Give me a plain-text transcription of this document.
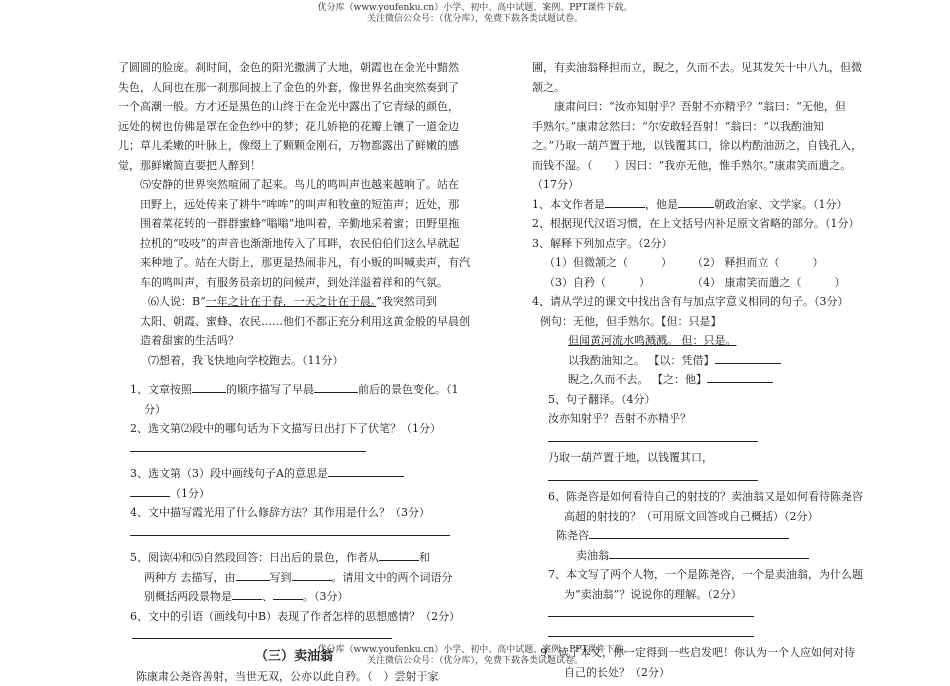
优分库（www.youfenku.cn）小学、初中、高中试题、案例、PPT课件下载。
关注微信公众号：（优分库），免费下载各类试题试卷。

了圆圆的脸庞。刹时间，金色的阳光撒满了大地，朝霞也在金光中黯然

失色，人间也在那一刹那间披上了金色的外套，像世界名曲突然奏到了

一个高潮一般。方才还是黑色的山终于在金光中露出了它青绿的颜色，

远处的树也仿佛是罩在金色纱中的梦；花儿娇艳的花瓣上镶了一道金边

儿；草儿柔嫩的叶脉上，像缀上了颗颗金刚石，万物都露出了鲜嫩的感

觉，那鲜嫩简直要把人醉到！

⑸安静的世界突然喧闹了起来。鸟儿的鸣叫声也越来越响了。站在

田野上，远处传来了耕牛“哞哞”的叫声和牧童的短笛声；近处，那

围着菜花转的一群群蜜蜂“嗡嗡”地叫着，辛勤地采着蜜；田野里拖

拉机的“吱吱”的声音也渐渐地传入了耳畔，农民伯伯们这么早就起

来种地了。站在大街上，那更是热闹非凡，有小贩的叫喊卖声，有汽

车的鸣叫声，有服务员亲切的问候声，到处洋溢着祥和的气氛。

⑹人说：B“一年之计在于春，一天之计在于晨。”我突然司到

太阳、朝霞、蜜蜂、农民……他们不都正充分利用这黄金般的早晨创

造着甜蜜的生活吗？

⑺想着，我飞快地向学校跑去。（11分）

1、文章按照	的顺序描写了早晨	前后的景色变化。（1

分）

2、选文第⑵段中的哪句话为下文描写日出打下了伏笔？（1分）

3、选文第（3）段中画线句子A的意思是

（1分）

4、文中描写霞光用了什么修辞方法？其作用是什么？（3分）

5、阅读⑷和⑸自然段回答：日出后的景色，作者从	和

两种方 去描写，由	写到	。请用文中的两个词语分

别概括两段景物是	、	。（3分）

6、文中的引语（画线句中B）表现了作者怎样的思想感情？（2分）

（三）卖油翁

陈康肃公尧咨善射，当世无双，公亦以此自矜。（　）尝射于家

圃，有卖油翁释担而立，睨之，久而不去。见其发矢十中八九，但微

颔之。

康肃问曰：“汝亦知射乎？吾射不亦精乎？”翁曰：“无他，但

手熟尔。”康肃忿然曰：“尔安敢轻吾射！”翁曰：“以我酌油知

之。”乃取一葫芦置于地，以钱覆其口，徐以杓酌油沥之，自钱孔入，

而钱不湿。（　　）因曰：“我亦无他，惟手熟尔。”康肃笑而遣之。

（17分）

1、本文作者是	，他是	朝政治家、文学家。（1分）

2、根据现代汉语习惯，在上文括号内补足原文省略的部分。（1分）

3、解释下列加点字。（2分）

（1）但微颔之（　　　） （2） 释担而立（　　　）

（3）自矜（　　　）	（4） 康肃笑而遣之（　　　）

4、请从学过的课文中找出含有与加点字意义相同的句子。（3分）

例句：无他，但手熟尔。【但：只是】

但闻黄河流水鸣溅溅。 但：只是。

以我酌油知之。 【以：凭借】

睨之,久而不去。 【之：他】

5、句子翻译。（4分）

汝亦知射乎？吾射不亦精乎？

乃取一葫芦置于地，以钱覆其口，

6、陈尧咨是如何看待自己的射技的？卖油翁又是如何看待陈尧咨

高超的射技的？（可用原文回答或自己概括）（2分）

陈尧咨

卖油翁

7、本文写了两个人物，一个是陈尧咨，一个是卖油翁，为什么题

为“卖油翁”？说说你的理解。（2分）

9、读了本文，你一定得到一些启发吧！你认为一个人应如何对待

自己的长处？（2分）

优分库（www.youfenku.cn）小学、初中、高中试题、案例、PPT课件下载。
关注微信公众号：（优分库），免费下载各类试题试卷。
